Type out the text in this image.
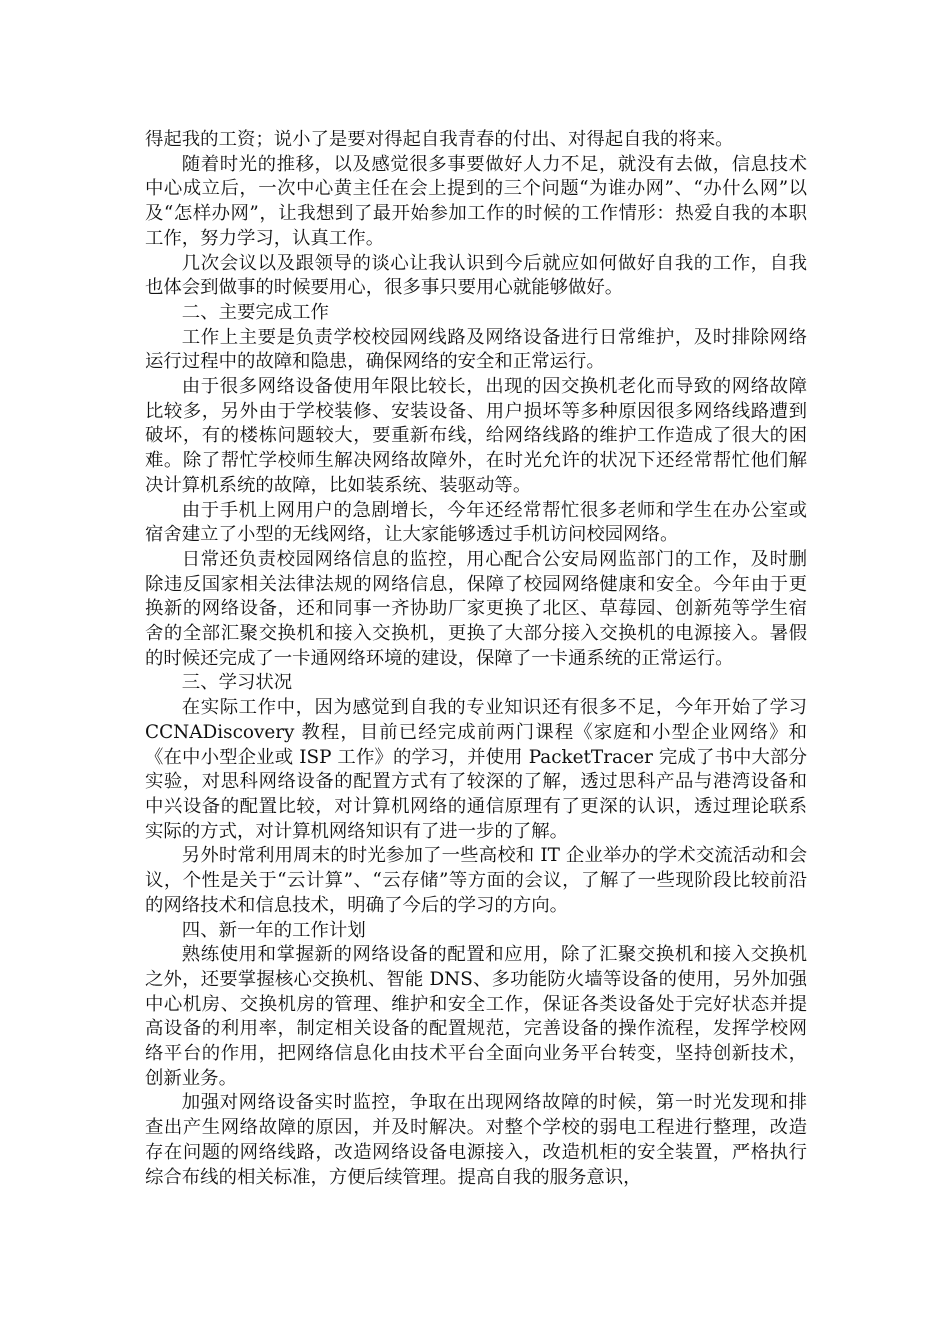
得起我的工资；说小了是要对得起自我青春的付出、对得起自我的将来。

随着时光的推移，以及感觉很多事要做好人力不足，就没有去做，信息技术中心成立后，一次中心黄主任在会上提到的三个问题“为谁办网”、“办什么网”以及“怎样办网”，让我想到了最开始参加工作的时候的工作情形：热爱自我的本职工作，努力学习，认真工作。

几次会议以及跟领导的谈心让我认识到今后就应如何做好自我的工作，自我也体会到做事的时候要用心，很多事只要用心就能够做好。

二、主要完成工作

工作上主要是负责学校校园网线路及网络设备进行日常维护，及时排除网络运行过程中的故障和隐患，确保网络的安全和正常运行。

由于很多网络设备使用年限比较长，出现的因交换机老化而导致的网络故障比较多，另外由于学校装修、安装设备、用户损坏等多种原因很多网络线路遭到破坏，有的楼栋问题较大，要重新布线，给网络线路的维护工作造成了很大的困难。除了帮忙学校师生解决网络故障外，在时光允许的状况下还经常帮忙他们解决计算机系统的故障，比如装系统、装驱动等。

由于手机上网用户的急剧增长，今年还经常帮忙很多老师和学生在办公室或宿舍建立了小型的无线网络，让大家能够透过手机访问校园网络。

日常还负责校园网络信息的监控，用心配合公安局网监部门的工作，及时删除违反国家相关法律法规的网络信息，保障了校园网络健康和安全。今年由于更换新的网络设备，还和同事一齐协助厂家更换了北区、草莓园、创新苑等学生宿舍的全部汇聚交换机和接入交换机，更换了大部分接入交换机的电源接入。暑假的时候还完成了一卡通网络环境的建设，保障了一卡通系统的正常运行。

三、学习状况

在实际工作中，因为感觉到自我的专业知识还有很多不足，今年开始了学习 CCNADiscovery 教程，目前已经完成前两门课程《家庭和小型企业网络》和《在中小型企业或 ISP 工作》的学习，并使用 PacketTracer 完成了书中大部分实验，对思科网络设备的配置方式有了较深的了解，透过思科产品与港湾设备和中兴设备的配置比较，对计算机网络的通信原理有了更深的认识，透过理论联系实际的方式，对计算机网络知识有了进一步的了解。

另外时常利用周末的时光参加了一些高校和 IT 企业举办的学术交流活动和会议，个性是关于“云计算”、“云存储”等方面的会议，了解了一些现阶段比较前沿的网络技术和信息技术，明确了今后的学习的方向。

四、新一年的工作计划

熟练使用和掌握新的网络设备的配置和应用，除了汇聚交换机和接入交换机之外，还要掌握核心交换机、智能 DNS、多功能防火墙等设备的使用，另外加强中心机房、交换机房的管理、维护和安全工作，保证各类设备处于完好状态并提高设备的利用率，制定相关设备的配置规范，完善设备的操作流程，发挥学校网络平台的作用，把网络信息化由技术平台全面向业务平台转变，坚持创新技术，创新业务。

加强对网络设备实时监控，争取在出现网络故障的时候，第一时光发现和排查出产生网络故障的原因，并及时解决。对整个学校的弱电工程进行整理，改造存在问题的网络线路，改造网络设备电源接入，改造机柜的安全装置，严格执行综合布线的相关标准，方便后续管理。提高自我的服务意识，
